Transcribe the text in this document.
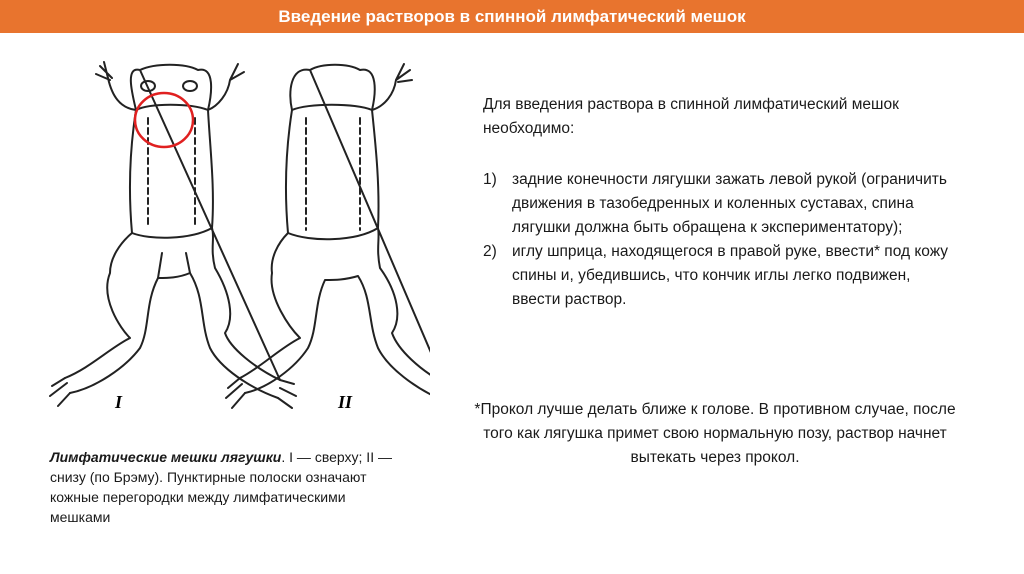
Введение растворов в спинной лимфатический мешок
I	II
Лимфатические мешки лягушки. I — сверху; II — снизу (по Брэму). Пунктирные полоски означают кожные перегородки между лимфатическими мешками
Для введения раствора в спинной лимфатический мешок необходимо:
1) задние конечности лягушки зажать левой рукой (ограничить движения в тазобедренных и коленных суставах, спина лягушки должна быть обращена к экспериментатору);
2) иглу шприца, находящегося в правой руке, ввести* под кожу спины и, убедившись, что кончик иглы легко подвижен, ввести раствор.
*Прокол лучше делать ближе к голове. В противном случае, после того как лягушка примет свою нормальную позу, раствор начнет вытекать через прокол.
